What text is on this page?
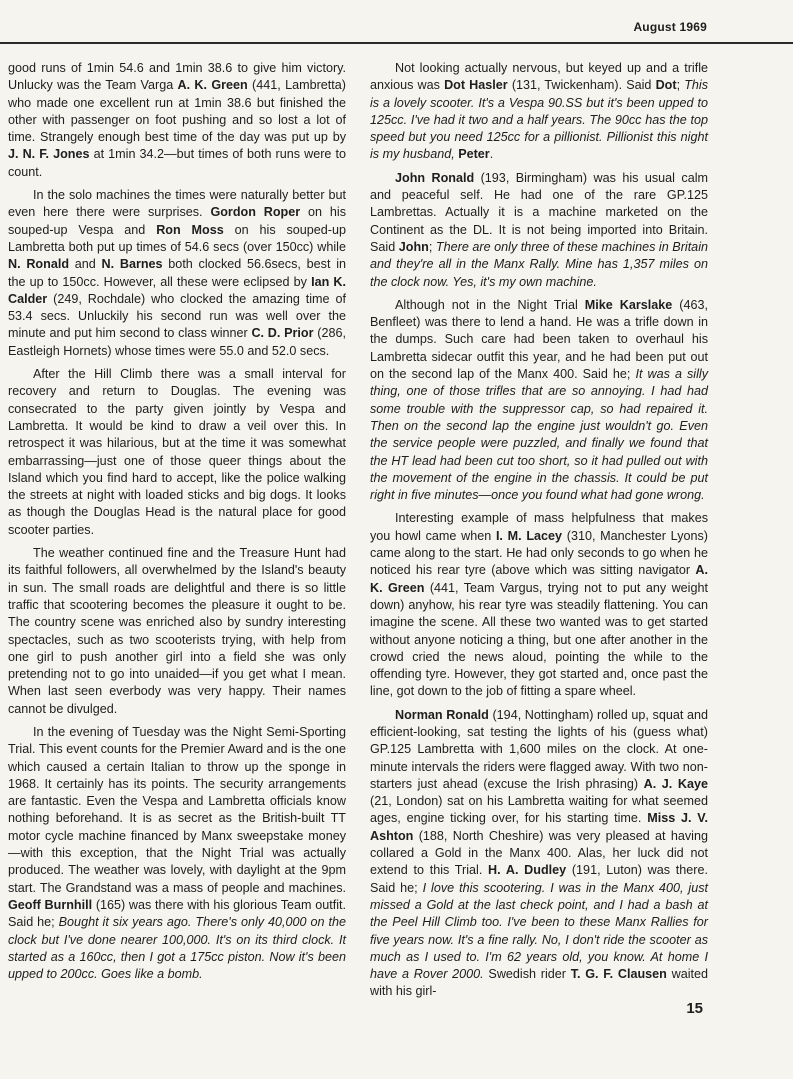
August 1969

good runs of 1min 54.6 and 1min 38.6 to give him victory. Unlucky was the Team Varga A. K. Green (441, Lambretta) who made one excellent run at 1min 38.6 but finished the other with passenger on foot pushing and so lost a lot of time. Strangely enough best time of the day was put up by J. N. F. Jones at 1min 34.2—but times of both runs were to count.

In the solo machines the times were naturally better but even here there were surprises. Gordon Roper on his souped-up Vespa and Ron Moss on his souped-up Lambretta both put up times of 54.6 secs (over 150cc) while N. Ronald and N. Barnes both clocked 56.6secs, best in the up to 150cc. However, all these were eclipsed by Ian K. Calder (249, Rochdale) who clocked the amazing time of 53.4 secs. Unluckily his second run was well over the minute and put him second to class winner C. D. Prior (286, Eastleigh Hornets) whose times were 55.0 and 52.0 secs.

After the Hill Climb there was a small interval for recovery and return to Douglas. The evening was consecrated to the party given jointly by Vespa and Lambretta. It would be kind to draw a veil over this. In retrospect it was hilarious, but at the time it was somewhat embarrassing—just one of those queer things about the Island which you find hard to accept, like the police walking the streets at night with loaded sticks and big dogs. It looks as though the Douglas Head is the natural place for good scooter parties.

The weather continued fine and the Treasure Hunt had its faithful followers, all overwhelmed by the Island's beauty in sun. The small roads are delightful and there is so little traffic that scootering becomes the pleasure it ought to be. The country scene was enriched also by sundry interesting spectacles, such as two scooterists trying, with help from one girl to push another girl into a field she was only pretending not to go into unaided—if you get what I mean. When last seen everbody was very happy. Their names cannot be divulged.

In the evening of Tuesday was the Night Semi-Sporting Trial. This event counts for the Premier Award and is the one which caused a certain Italian to throw up the sponge in 1968. It certainly has its points. The security arrangements are fantastic. Even the Vespa and Lambretta officials know nothing beforehand. It is as secret as the British-built TT motor cycle machine financed by Manx sweepstake money—with this exception, that the Night Trial was actually produced. The weather was lovely, with daylight at the 9pm start. The Grandstand was a mass of people and machines. Geoff Burnhill (165) was there with his glorious Team outfit. Said he; Bought it six years ago. There's only 40,000 on the clock but I've done nearer 100,000. It's on its third clock. It started as a 160cc, then I got a 175cc piston. Now it's been upped to 200cc. Goes like a bomb.

Not looking actually nervous, but keyed up and a trifle anxious was Dot Hasler (131, Twickenham). Said Dot; This is a lovely scooter. It's a Vespa 90.SS but it's been upped to 125cc. I've had it two and a half years. The 90cc has the top speed but you need 125cc for a pillionist. Pillionist this night is my husband, Peter.

John Ronald (193, Birmingham) was his usual calm and peaceful self. He had one of the rare GP.125 Lambrettas. Actually it is a machine marketed on the Continent as the DL. It is not being imported into Britain. Said John; There are only three of these machines in Britain and they're all in the Manx Rally. Mine has 1,357 miles on the clock now. Yes, it's my own machine.

Although not in the Night Trial Mike Karslake (463, Benfleet) was there to lend a hand. He was a trifle down in the dumps. Such care had been taken to overhaul his Lambretta sidecar outfit this year, and he had been put out on the second lap of the Manx 400. Said he; It was a silly thing, one of those trifles that are so annoying. I had had some trouble with the suppressor cap, so had repaired it. Then on the second lap the engine just wouldn't go. Even the service people were puzzled, and finally we found that the HT lead had been cut too short, so it had pulled out with the movement of the engine in the chassis. It could be put right in five minutes—once you found what had gone wrong.

Interesting example of mass helpfulness that makes you howl came when I. M. Lacey (310, Manchester Lyons) came along to the start. He had only seconds to go when he noticed his rear tyre (above which was sitting navigator A. K. Green (441, Team Vargus, trying not to put any weight down) anyhow, his rear tyre was steadily flattening. You can imagine the scene. All these two wanted was to get started without anyone noticing a thing, but one after another in the crowd cried the news aloud, pointing the while to the offending tyre. However, they got started and, once past the line, got down to the job of fitting a spare wheel.

Norman Ronald (194, Nottingham) rolled up, squat and efficient-looking, sat testing the lights of his (guess what) GP.125 Lambretta with 1,600 miles on the clock. At one-minute intervals the riders were flagged away. With two non-starters just ahead (excuse the Irish phrasing) A. J. Kaye (21, London) sat on his Lambretta waiting for what seemed ages, engine ticking over, for his starting time. Miss J. V. Ashton (188, North Cheshire) was very pleased at having collared a Gold in the Manx 400. Alas, her luck did not extend to this Trial. H. A. Dudley (191, Luton) was there. Said he; I love this scootering. I was in the Manx 400, just missed a Gold at the last check point, and I had a bash at the Peel Hill Climb too. I've been to these Manx Rallies for five years now. It's a fine rally. No, I don't ride the scooter as much as I used to. I'm 62 years old, you know. At home I have a Rover 2000. Swedish rider T. G. F. Clausen waited with his girl-

15
